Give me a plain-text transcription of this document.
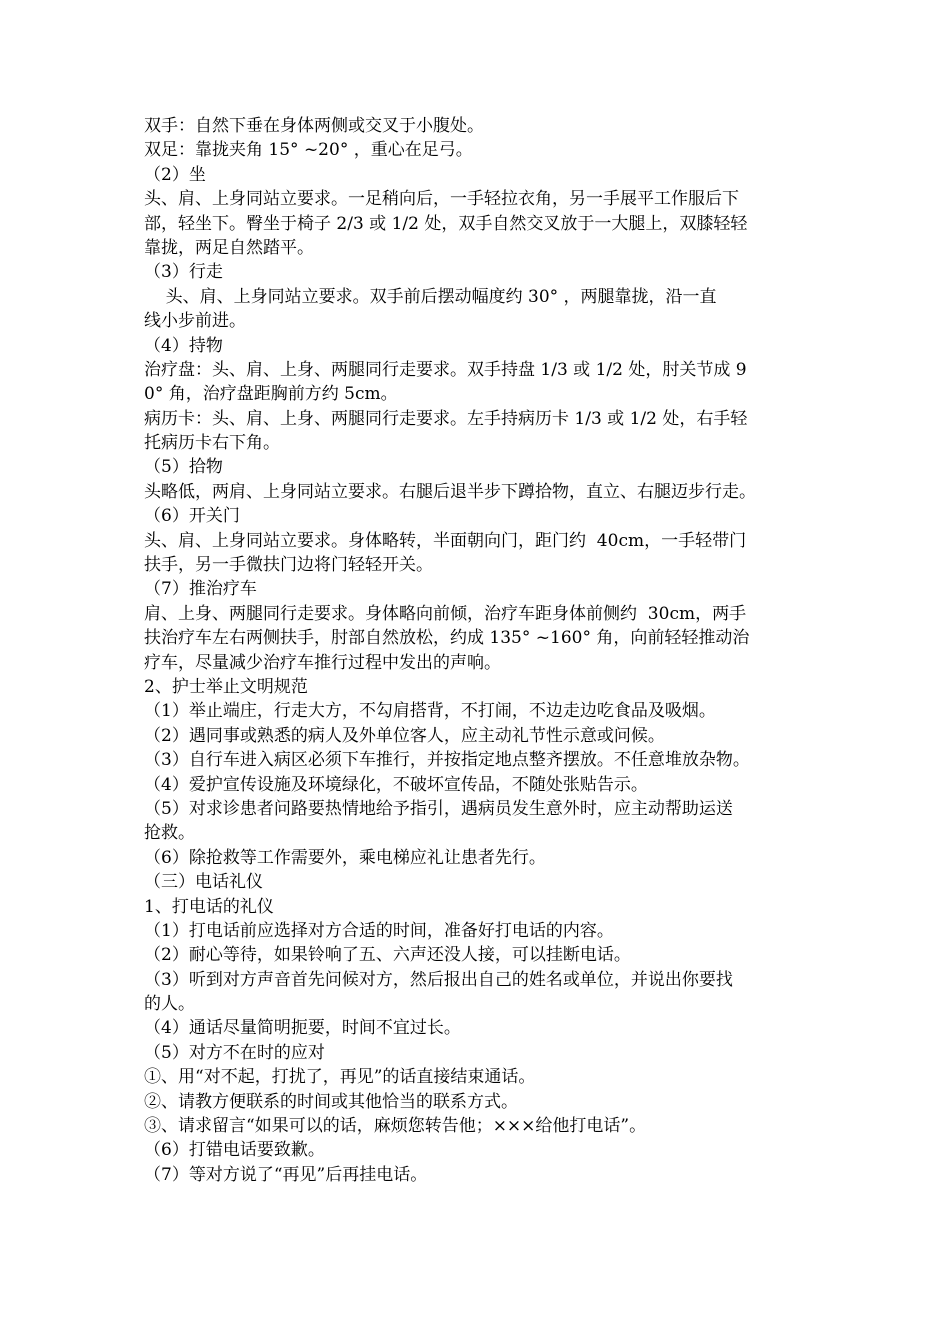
双手：自然下垂在身体两侧或交叉于小腹处。
双足：靠拢夹角 15° ~20° ，重心在足弓。
（2）坐
头、肩、上身同站立要求。一足稍向后，一手轻拉衣角，另一手展平工作服后下
部，轻坐下。臀坐于椅子 2/3 或 1/2 处，双手自然交叉放于一大腿上，双膝轻轻
靠拢，两足自然踏平。
（3）行走
头、肩、上身同站立要求。双手前后摆动幅度约 30° ，两腿靠拢，沿一直
线小步前进。
（4）持物
治疗盘：头、肩、上身、两腿同行走要求。双手持盘 1/3 或 1/2 处，肘关节成 9
0° 角，治疗盘距胸前方约 5cm。
病历卡：头、肩、上身、两腿同行走要求。左手持病历卡 1/3 或 1/2 处，右手轻
托病历卡右下角。
（5）拾物
头略低，两肩、上身同站立要求。右腿后退半步下蹲拾物，直立、右腿迈步行走。
（6）开关门
头、肩、上身同站立要求。身体略转，半面朝向门，距门约  40cm，一手轻带门
扶手，另一手微扶门边将门轻轻开关。
（7）推治疗车
肩、上身、两腿同行走要求。身体略向前倾，治疗车距身体前侧约  30cm，两手
扶治疗车左右两侧扶手，肘部自然放松，约成 135° ~160° 角，向前轻轻推动治
疗车，尽量减少治疗车推行过程中发出的声响。
2、护士举止文明规范
（1）举止端庄，行走大方，不勾肩搭背，不打闹，不边走边吃食品及吸烟。
（2）遇同事或熟悉的病人及外单位客人，应主动礼节性示意或问候。
（3）自行车进入病区必须下车推行，并按指定地点整齐摆放。不任意堆放杂物。
（4）爱护宣传设施及环境绿化，不破坏宣传品，不随处张贴告示。
（5）对求诊患者问路要热情地给予指引，遇病员发生意外时，应主动帮助运送
抢救。
（6）除抢救等工作需要外，乘电梯应礼让患者先行。
（三）电话礼仪
1、打电话的礼仪
（1）打电话前应选择对方合适的时间，准备好打电话的内容。
（2）耐心等待，如果铃响了五、六声还没人接，可以挂断电话。
（3）听到对方声音首先问候对方，然后报出自己的姓名或单位，并说出你要找
的人。
（4）通话尽量简明扼要，时间不宜过长。
（5）对方不在时的应对
①、用“对不起，打扰了，再见”的话直接结束通话。
②、请教方便联系的时间或其他恰当的联系方式。
③、请求留言“如果可以的话，麻烦您转告他；×××给他打电话”。
（6）打错电话要致歉。
（7）等对方说了“再见”后再挂电话。
